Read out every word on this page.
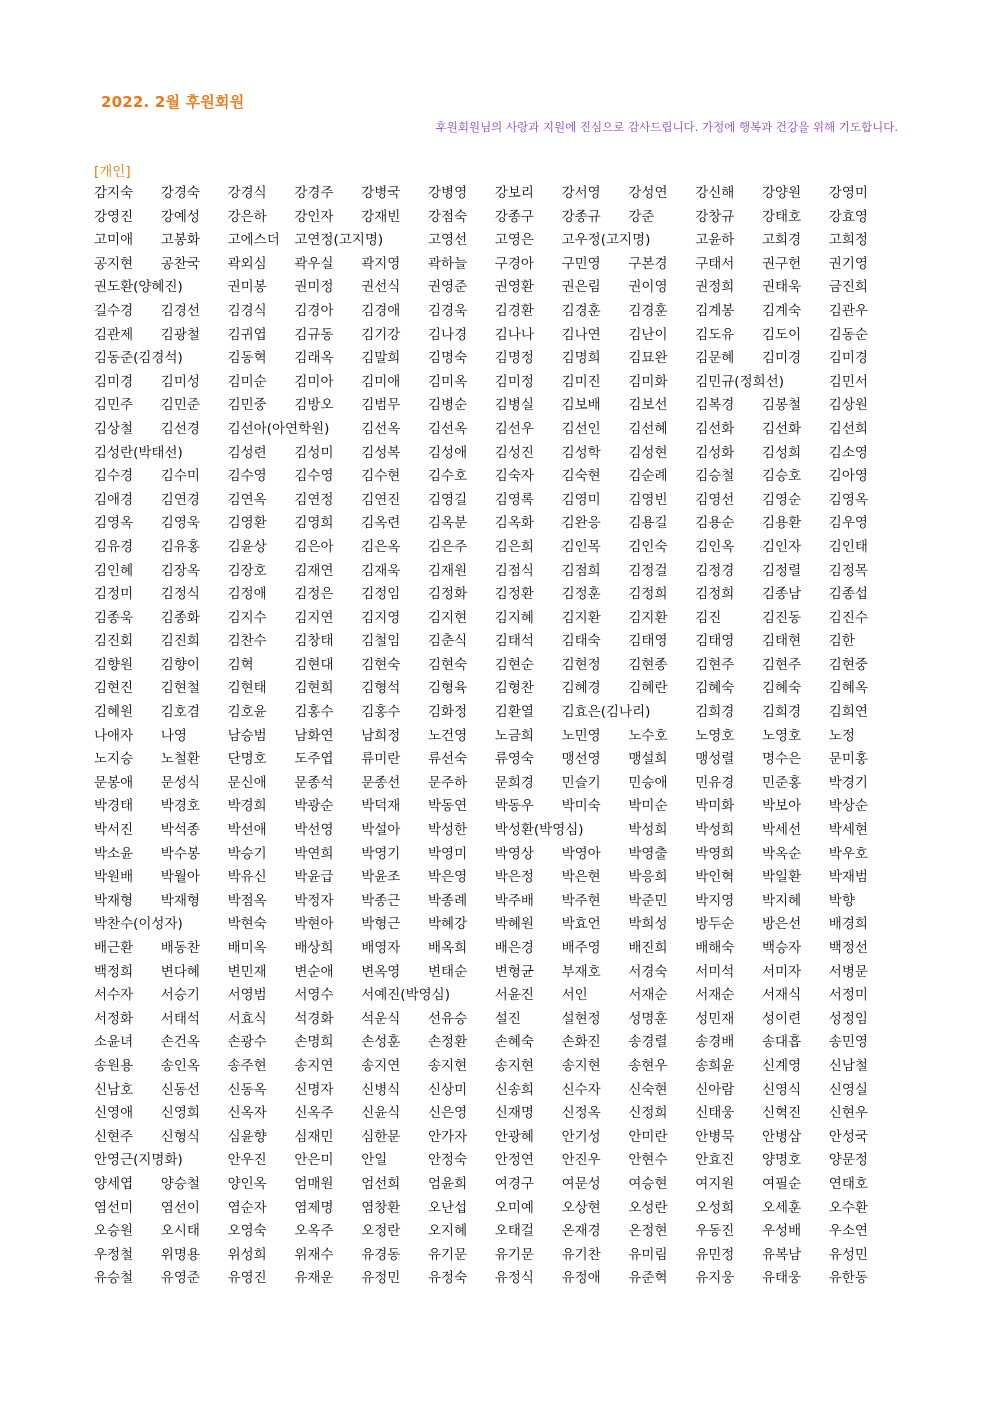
2022. 2월 후원회원
후원회원님의 사랑과 지원에 진심으로 감사드립니다. 가정에 행복과 건강을 위해 기도합니다.
[개인]
감지숙 강경숙 강경식 강경주 강병국 강병영 강보리 강서영 강성연 강신해 강양원 강영미
강영진 강예성 강은하 강인자 강재빈 강점숙 강종구 강종규 강준	강창규 강태호 강효영
고미애 고봉화 고에스더 고연정(고지명)	고영선 고영은 고우정(고지명)	고윤하 고희경 고희정
공지현 공찬국 곽외심 곽우실 곽지영 곽하늘 구경아 구민영 구본경 구태서 권구헌 권기영
권도환(양혜진)	권미봉 권미정 권선식 권영준 권영환 권은림 권이영 권정희 권태욱 금진희
길수경 김경선 김경식 김경아 김경애 김경욱 김경환 김경훈 김경훈 김계봉 김계숙 김관우
김관제 김광철 김귀엽 김규동 김기강 김나경 김나나 김나연 김난이 김도유 김도이 김동순
김동준(김경석)	김동혁 김래옥 김말희 김명숙 김명정 김명희 김묘완 김문혜 김미경 김미경
김미경 김미성 김미순 김미아 김미애 김미옥 김미정 김미진 김미화 김민규(정희선)	김민서
김민주 김민준 김민중 김방오 김범무 김병순 김병실 김보배 김보선 김복경 김봉철 김상원
김상철 김선경 김선아(아연학원) 김선옥 김선옥 김선우 김선인 김선혜 김선화 김선화 김선희
김성란(박태선)	김성련 김성미 김성복 김성애 김성진 김성학 김성현 김성화 김성희 김소영
김수경 김수미 김수영 김수영 김수현 김수호 김숙자 김숙현 김순례 김승철 김승호 김아영
김애경 김연경 김연옥 김연정 김연진 김영길 김영록 김영미 김영빈 김영선 김영순 김영옥
김영옥 김영욱 김영환 김영희 김옥련 김옥분 김옥화 김완응 김용길 김용순 김용환 김우영
김유경 김유홍 김윤상 김은아 김은옥 김은주 김은희 김인목 김인숙 김인옥 김인자 김인태
김인혜 김장옥 김장호 김재연 김재욱 김재원 김점식 김점희 김정걸 김정경 김정렬 김정목
김정미 김정식 김정애 김정은 김정임 김정화 김정환 김정훈 김정희 김정희 김종남 김종섭
김종욱 김종화 김지수 김지연 김지영 김지현 김지혜 김지환 김지환 김진	김진동 김진수
김진회 김진희 김찬수 김창태 김철임 김춘식 김태석 김태숙 김태영 김태영 김태현 김한
김향원 김향이 김혁	김현대 김현숙 김현숙 김현순 김현정 김현종 김현주 김현주 김현중
김현진 김현철 김현태 김현희 김형석 김형육 김형찬 김혜경 김혜란 김혜숙 김혜숙 김혜옥
김혜원 김호겸 김호윤 김홍수 김홍수 김화정 김환열 김효은(김나리)	김희경 김희경 김희연
나애자 나영	남승범 남화연 남희정 노건영 노금희 노민영 노수호 노영호 노영호 노정
노지승 노철환 단명호 도주엽 류미란 류선숙 류영숙 맹선영 맹설희 맹성렬 명수은 문미홍
문봉애 문성식 문신애 문종석 문종선 문주하 문희경 민슬기 민승애 민유경 민준홍 박경기
박경태 박경호 박경희 박광순 박덕재 박동연 박동우 박미숙 박미순 박미화 박보아 박상순
박서진 박석종 박선애 박선영 박설아 박성한 박성환(박영심)	박성희 박성희 박세선 박세현
박소윤 박수봉 박승기 박연희 박영기 박영미 박영상 박영아 박영출 박영희 박옥순 박우호
박원배 박월아 박유신 박윤급 박윤조 박은영 박은정 박은현 박응희 박인혁 박일환 박재범
박재형 박재형 박점옥 박정자 박종근 박종례 박주배 박주현 박준민 박지영 박지혜 박향
박찬수(이성자)	박현숙 박현아 박형근 박혜강 박혜원 박효언 박희성 방두순 방은선 배경희
배근환 배동찬 배미옥 배상희 배영자 배옥희 배은경 배주영 배진희 배해숙 백승자 백정선
백정희 변다혜 변민재 변순애 변옥영 변태순 변형균 부재호 서경숙 서미석 서미자 서병문
서수자 서승기 서영범 서영수 서예진(박영심)	서윤진 서인	서재순 서재순 서재식 서정미
서정화 서태석 서효식 석경화 석운식 선유승 설진	설현정 성명훈 성민재 성이련 성정임
소윤녀 손건옥 손광수 손명희 손성훈 손정환 손혜숙 손화진 송경렬 송경배 송대흡 송민영
송원용 송인옥 송주현 송지연 송지연 송지현 송지현 송지현 송현우 송희윤 신계영 신남철
신남호 신동선 신동옥 신명자 신병식 신상미 신송희 신수자 신숙현 신아람 신영식 신영실
신영애 신영희 신옥자 신옥주 신윤식 신은영 신재명 신정옥 신정희 신태웅 신혁진 신현우
신현주 신형식 심윤향 심재민 심한문 안가자 안광혜 안기성 안미란 안병묵 안병삼 안성국
안영근(지명화)	안우진 안은미 안일	안정숙 안정연 안진우 안현수 안효진 양명호 양문정
양세엽 양승철 양인옥 엄매원 엄선희 엄윤희 여경구 여문성 여승현 여지원 여필순 연태호
염선미 염선이 염순자 염제명 염창환 오난섭 오미예 오상현 오성란 오성희 오세훈 오수환
오승원 오시태 오영숙 오옥주 오정란 오지혜 오태걸 온재경 온정현 우동진 우성배 우소연
우정철 위명용 위성희 위재수 유경동 유기문 유기문 유기찬 유미림 유민정 유복남 유성민
유승철 유영준 유영진 유재운 유정민 유정숙 유정식 유정애 유준혁 유지웅 유태웅 유한동
